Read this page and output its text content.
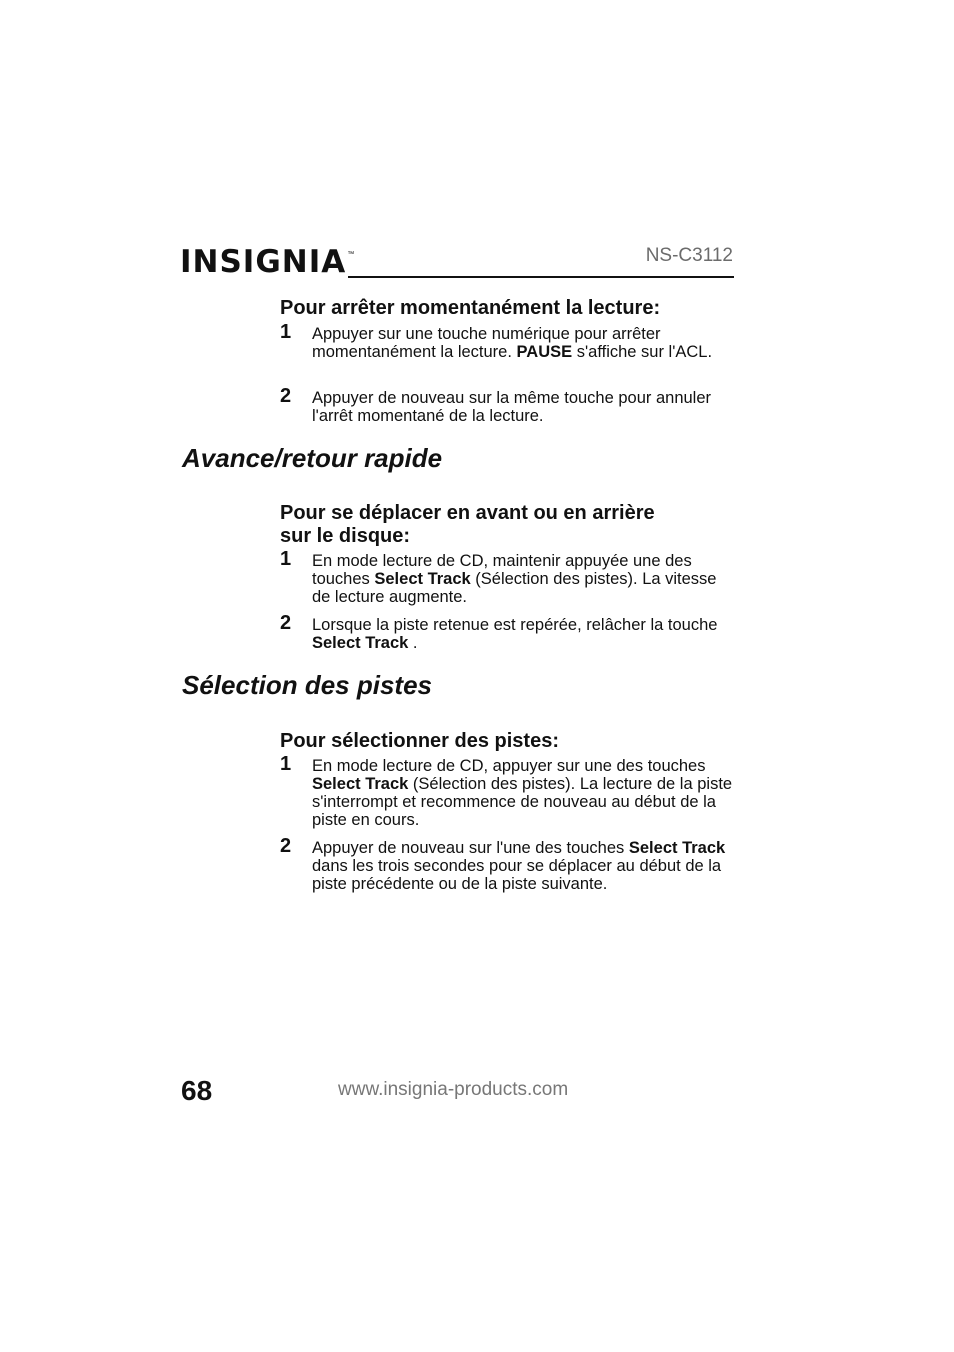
INSIGNIA ™	NS-C3112
Pour arrêter momentanément la lecture:
1 Appuyer sur une touche numérique pour arrêter momentanément la lecture. PAUSE s'affiche sur l'ACL.
2 Appuyer de nouveau sur la même touche pour annuler l'arrêt momentané de la lecture.
Avance/retour rapide
Pour se déplacer en avant ou en arrière
sur le disque:
1 En mode lecture de CD, maintenir appuyée une des touches Select Track (Sélection des pistes). La vitesse de lecture augmente.
2 Lorsque la piste retenue est repérée, relâcher la touche Select Track .
Sélection des pistes
Pour sélectionner des pistes:
1 En mode lecture de CD, appuyer sur une des touches Select Track (Sélection des pistes). La lecture de la piste s'interrompt et recommence de nouveau au début de la piste en cours.
2 Appuyer de nouveau sur l'une des touches Select Track dans les trois secondes pour se déplacer au début de la piste précédente ou de la piste suivante.
68	www.insignia-products.com
